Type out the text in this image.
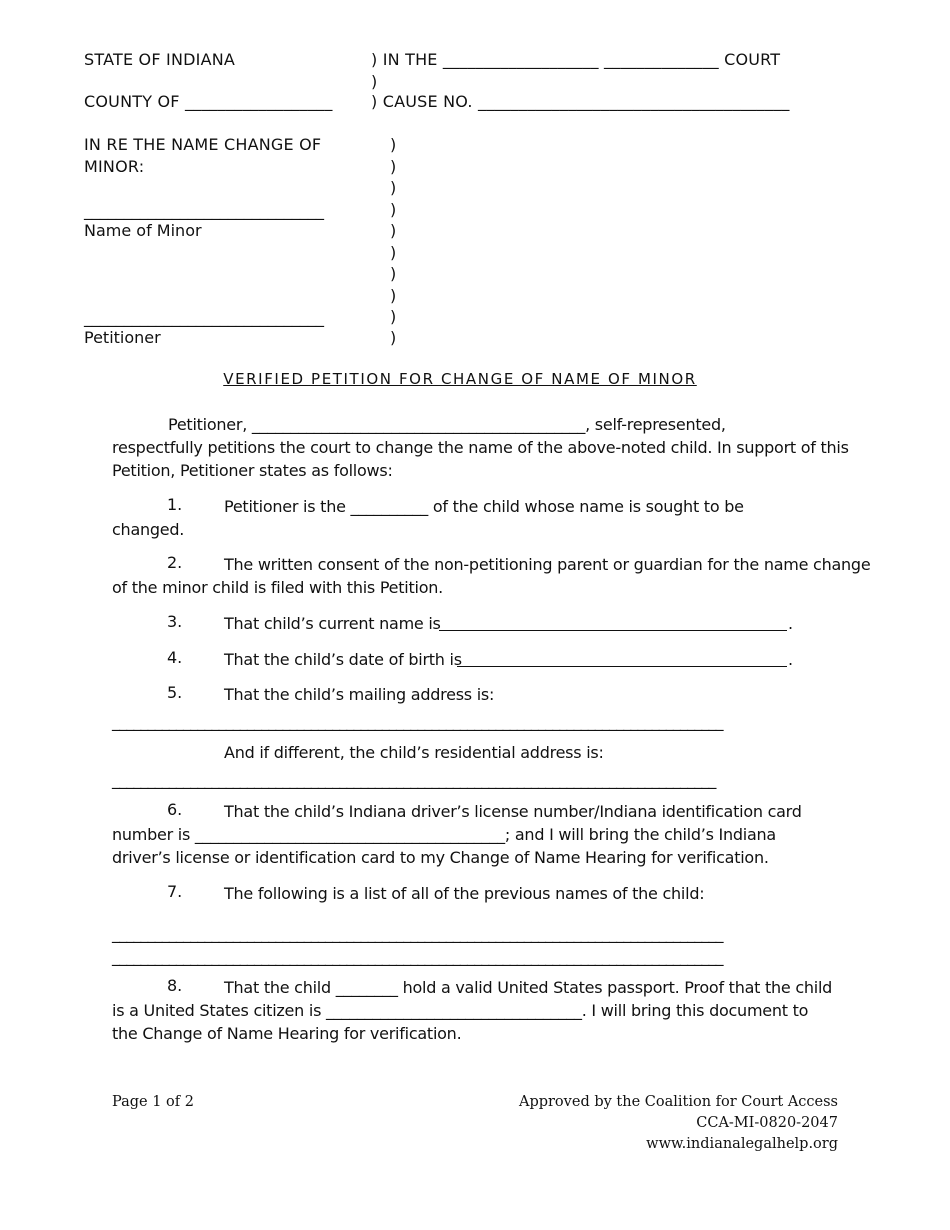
STATE OF INDIANA	) IN THE ___________________ ______________ COURT
)
COUNTY OF __________________ ) CAUSE NO. ______________________________________
IN RE THE NAME CHANGE OF
MINOR:
______________________________
Name of Minor
______________________________
Petitioner
)
)
)
)
)
)
)
)
)
)
VERIFIED PETITION FOR CHANGE OF NAME OF MINOR
Petitioner, ___________________________________________, self-represented,
respectfully petitions the court to change the name of the above-noted child. In support of this
Petition, Petitioner states as follows:
1.	Petitioner is the __________ of the child whose name is sought to be
changed.
2.	The written consent of the non-petitioning parent or guardian for the name change
of the minor child is filed with this Petition.
3.	That child’s current name is	.
4.	That the child’s date of birth is	.
5.	That the child’s mailing address is:
______________________________________________________________________________________
And if different, the child’s residential address is:
_____________________________________________________________________________________
6.	That the child’s Indiana driver’s license number/Indiana identification card
number is ________________________________________; and I will bring the child’s Indiana
driver’s license or identification card to my Change of Name Hearing for verification.
7.	The following is a list of all of the previous names of the child:
______________________________________________________________________________________
______________________________________________________________________________________
8.	That the child ________ hold a valid United States passport. Proof that the child
is a United States citizen is _________________________________. I will bring this document to
the Change of Name Hearing for verification.
Page 1 of 2	Approved by the Coalition for Court Access
CCA-MI-0820-2047
www.indianalegalhelp.org
